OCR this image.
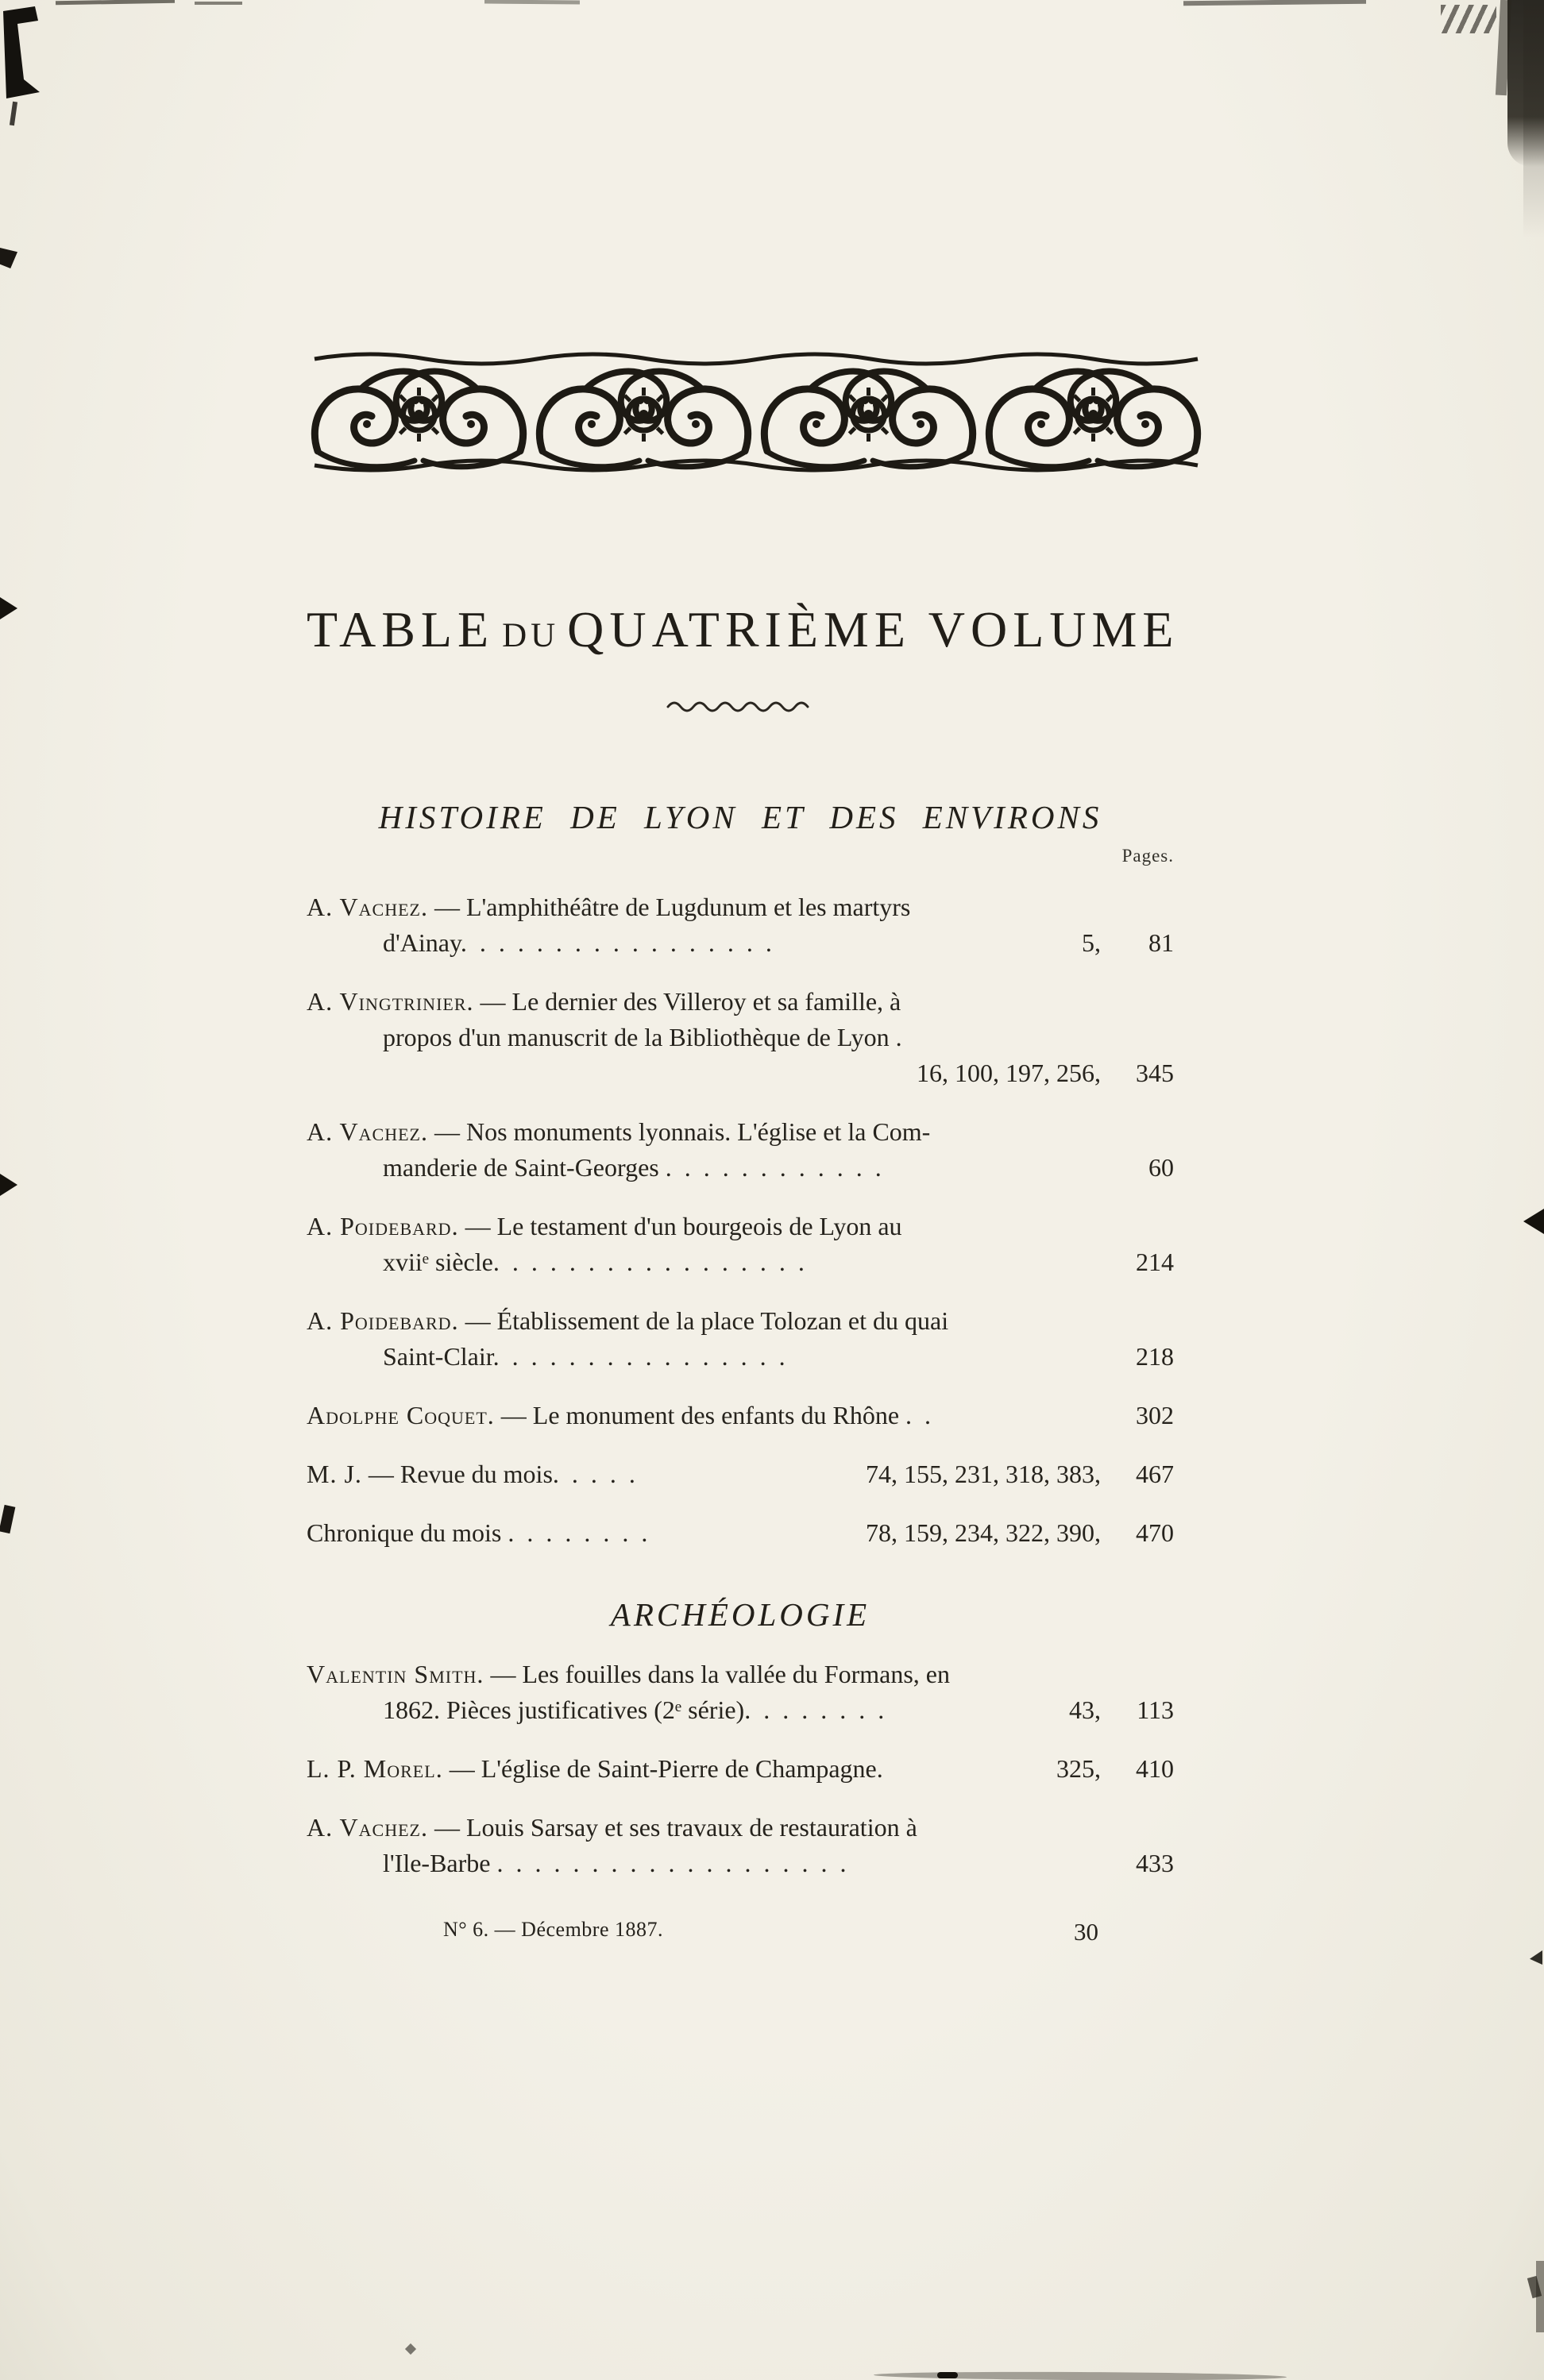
TABLE DU QUATRIÈME VOLUME
HISTOIRE DE LYON ET DES ENVIRONS
Pages.
A. Vachez. — L'amphithéâtre de Lugdunum et les martyrs
d'Ainay.  .  .  .  .  .  .  .  .  .  .  .  .  .  .  .  .	5, 81
A. Vingtrinier. — Le dernier des Villeroy et sa famille, à
propos d'un manuscrit de la Bibliothèque de Lyon .
16, 100, 197, 256, 345
A. Vachez. — Nos monuments lyonnais. L'église et la Com-
manderie de Saint-Georges .  .  .  .  .  .  .  .  .  .  .  .	60
A. Poidebard. — Le testament d'un bourgeois de Lyon au
xviiᵉ siècle.  .  .  .  .  .  .  .  .  .  .  .  .  .  .  .  .	214
A. Poidebard. — Établissement de la place Tolozan et du quai
Saint-Clair.  .  .  .  .  .  .  .  .  .  .  .  .  .  .  .	218
Adolphe Coquet. — Le monument des enfants du Rhône .  .	302
M. J. — Revue du mois.  .  .  .  .	74, 155, 231, 318, 383, 467
Chronique du mois .  .  .  .  .  .  .  .	78, 159, 234, 322, 390, 470
ARCHÉOLOGIE
Valentin Smith. — Les fouilles dans la vallée du Formans, en
1862. Pièces justificatives (2ᵉ série).  .  .  .  .  .  .  .	43, 113
L. P. Morel. — L'église de Saint-Pierre de Champagne.	325, 410
A. Vachez. — Louis Sarsay et ses travaux de restauration à
l'Ile-Barbe .  .  .  .  .  .  .  .  .  .  .  .  .  .  .  .  .  .  .	433
N° 6. — Décembre 1887.	30
